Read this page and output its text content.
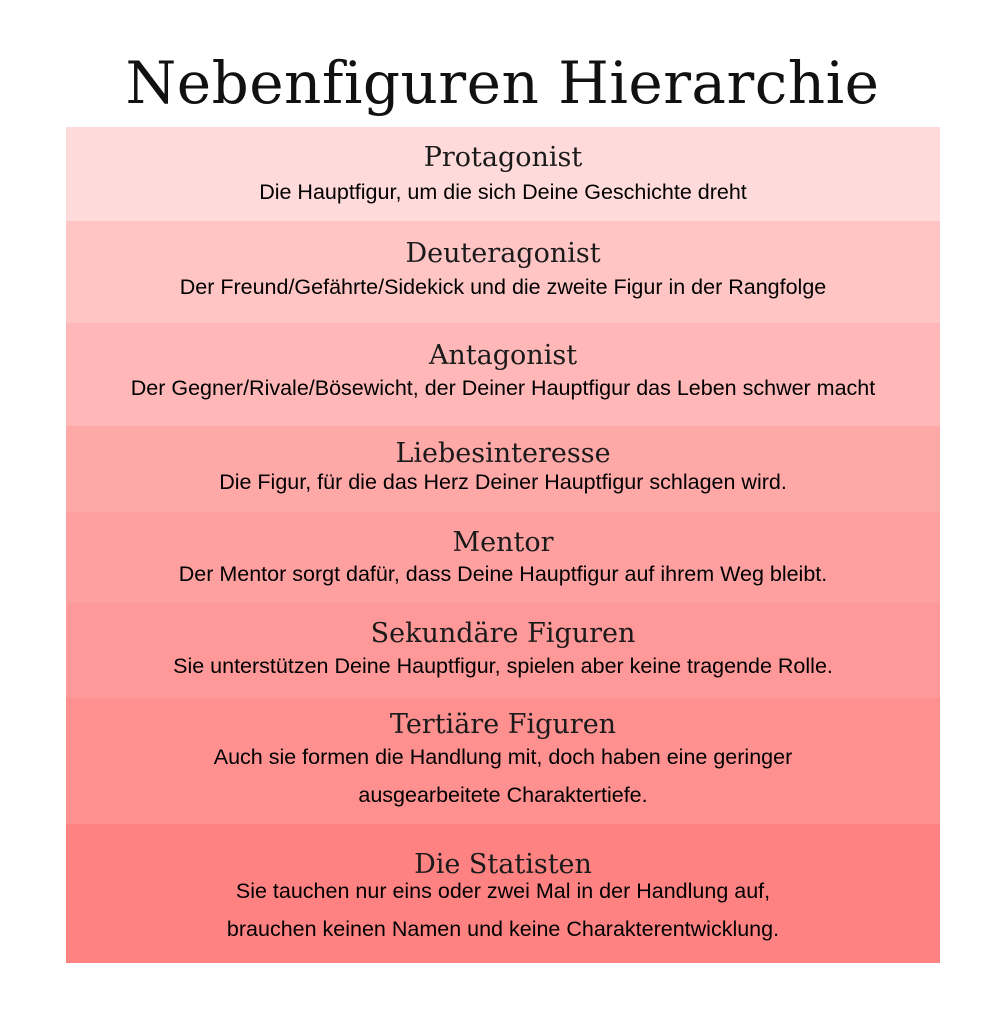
Nebenfiguren Hierarchie
Protagonist
Die Hauptfigur, um die sich Deine Geschichte dreht
Deuteragonist
Der Freund/Gefährte/Sidekick und die zweite Figur in der Rangfolge
Antagonist
Der Gegner/Rivale/Bösewicht, der Deiner Hauptfigur das Leben schwer macht
Liebesinteresse
Die Figur, für die das Herz Deiner Hauptfigur schlagen wird.
Mentor
Der Mentor sorgt dafür, dass Deine Hauptfigur auf ihrem Weg bleibt.
Sekundäre Figuren
Sie unterstützen Deine Hauptfigur, spielen aber keine tragende Rolle.
Tertiäre Figuren
Auch sie formen die Handlung mit, doch haben eine geringer
ausgearbeitete Charaktertiefe.
Die Statisten
Sie tauchen nur eins oder zwei Mal in der Handlung auf,
brauchen keinen Namen und keine Charakterentwicklung.
